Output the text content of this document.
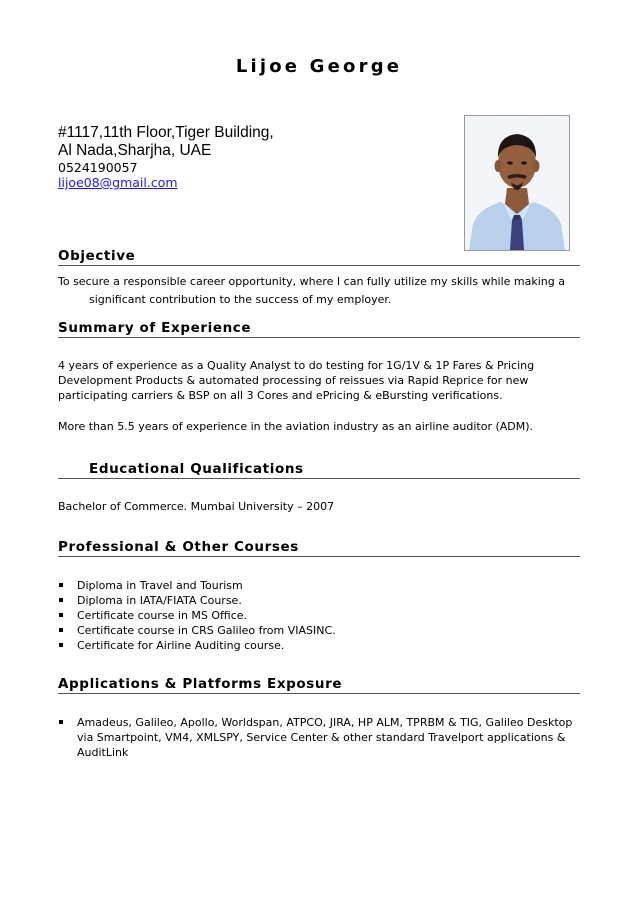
Lijoe George
#1117,11th Floor,Tiger Building,
Al Nada,Sharjha, UAE
0524190057
lijoe08@gmail.com
Objective
To secure a responsible career opportunity, where I can fully utilize my skills while making a
significant contribution to the success of my employer.
Summary of Experience
4 years of experience as a Quality Analyst to do testing for 1G/1V & 1P Fares & Pricing
Development Products & automated processing of reissues via Rapid Reprice for new
participating carriers & BSP on all 3 Cores and ePricing & eBursting verifications.
More than 5.5 years of experience in the aviation industry as an airline auditor (ADM).
Educational Qualifications
Bachelor of Commerce. Mumbai University – 2007
Professional & Other Courses
Diploma in Travel and Tourism
Diploma in IATA/FIATA Course.
Certificate course in MS Office.
Certificate course in CRS Galileo from VIASINC.
Certificate for Airline Auditing course.
Applications & Platforms Exposure
Amadeus, Galileo, Apollo, Worldspan, ATPCO, JIRA, HP ALM, TPRBM & TIG, Galileo Desktop
via Smartpoint, VM4, XMLSPY, Service Center & other standard Travelport applications &
AuditLink
